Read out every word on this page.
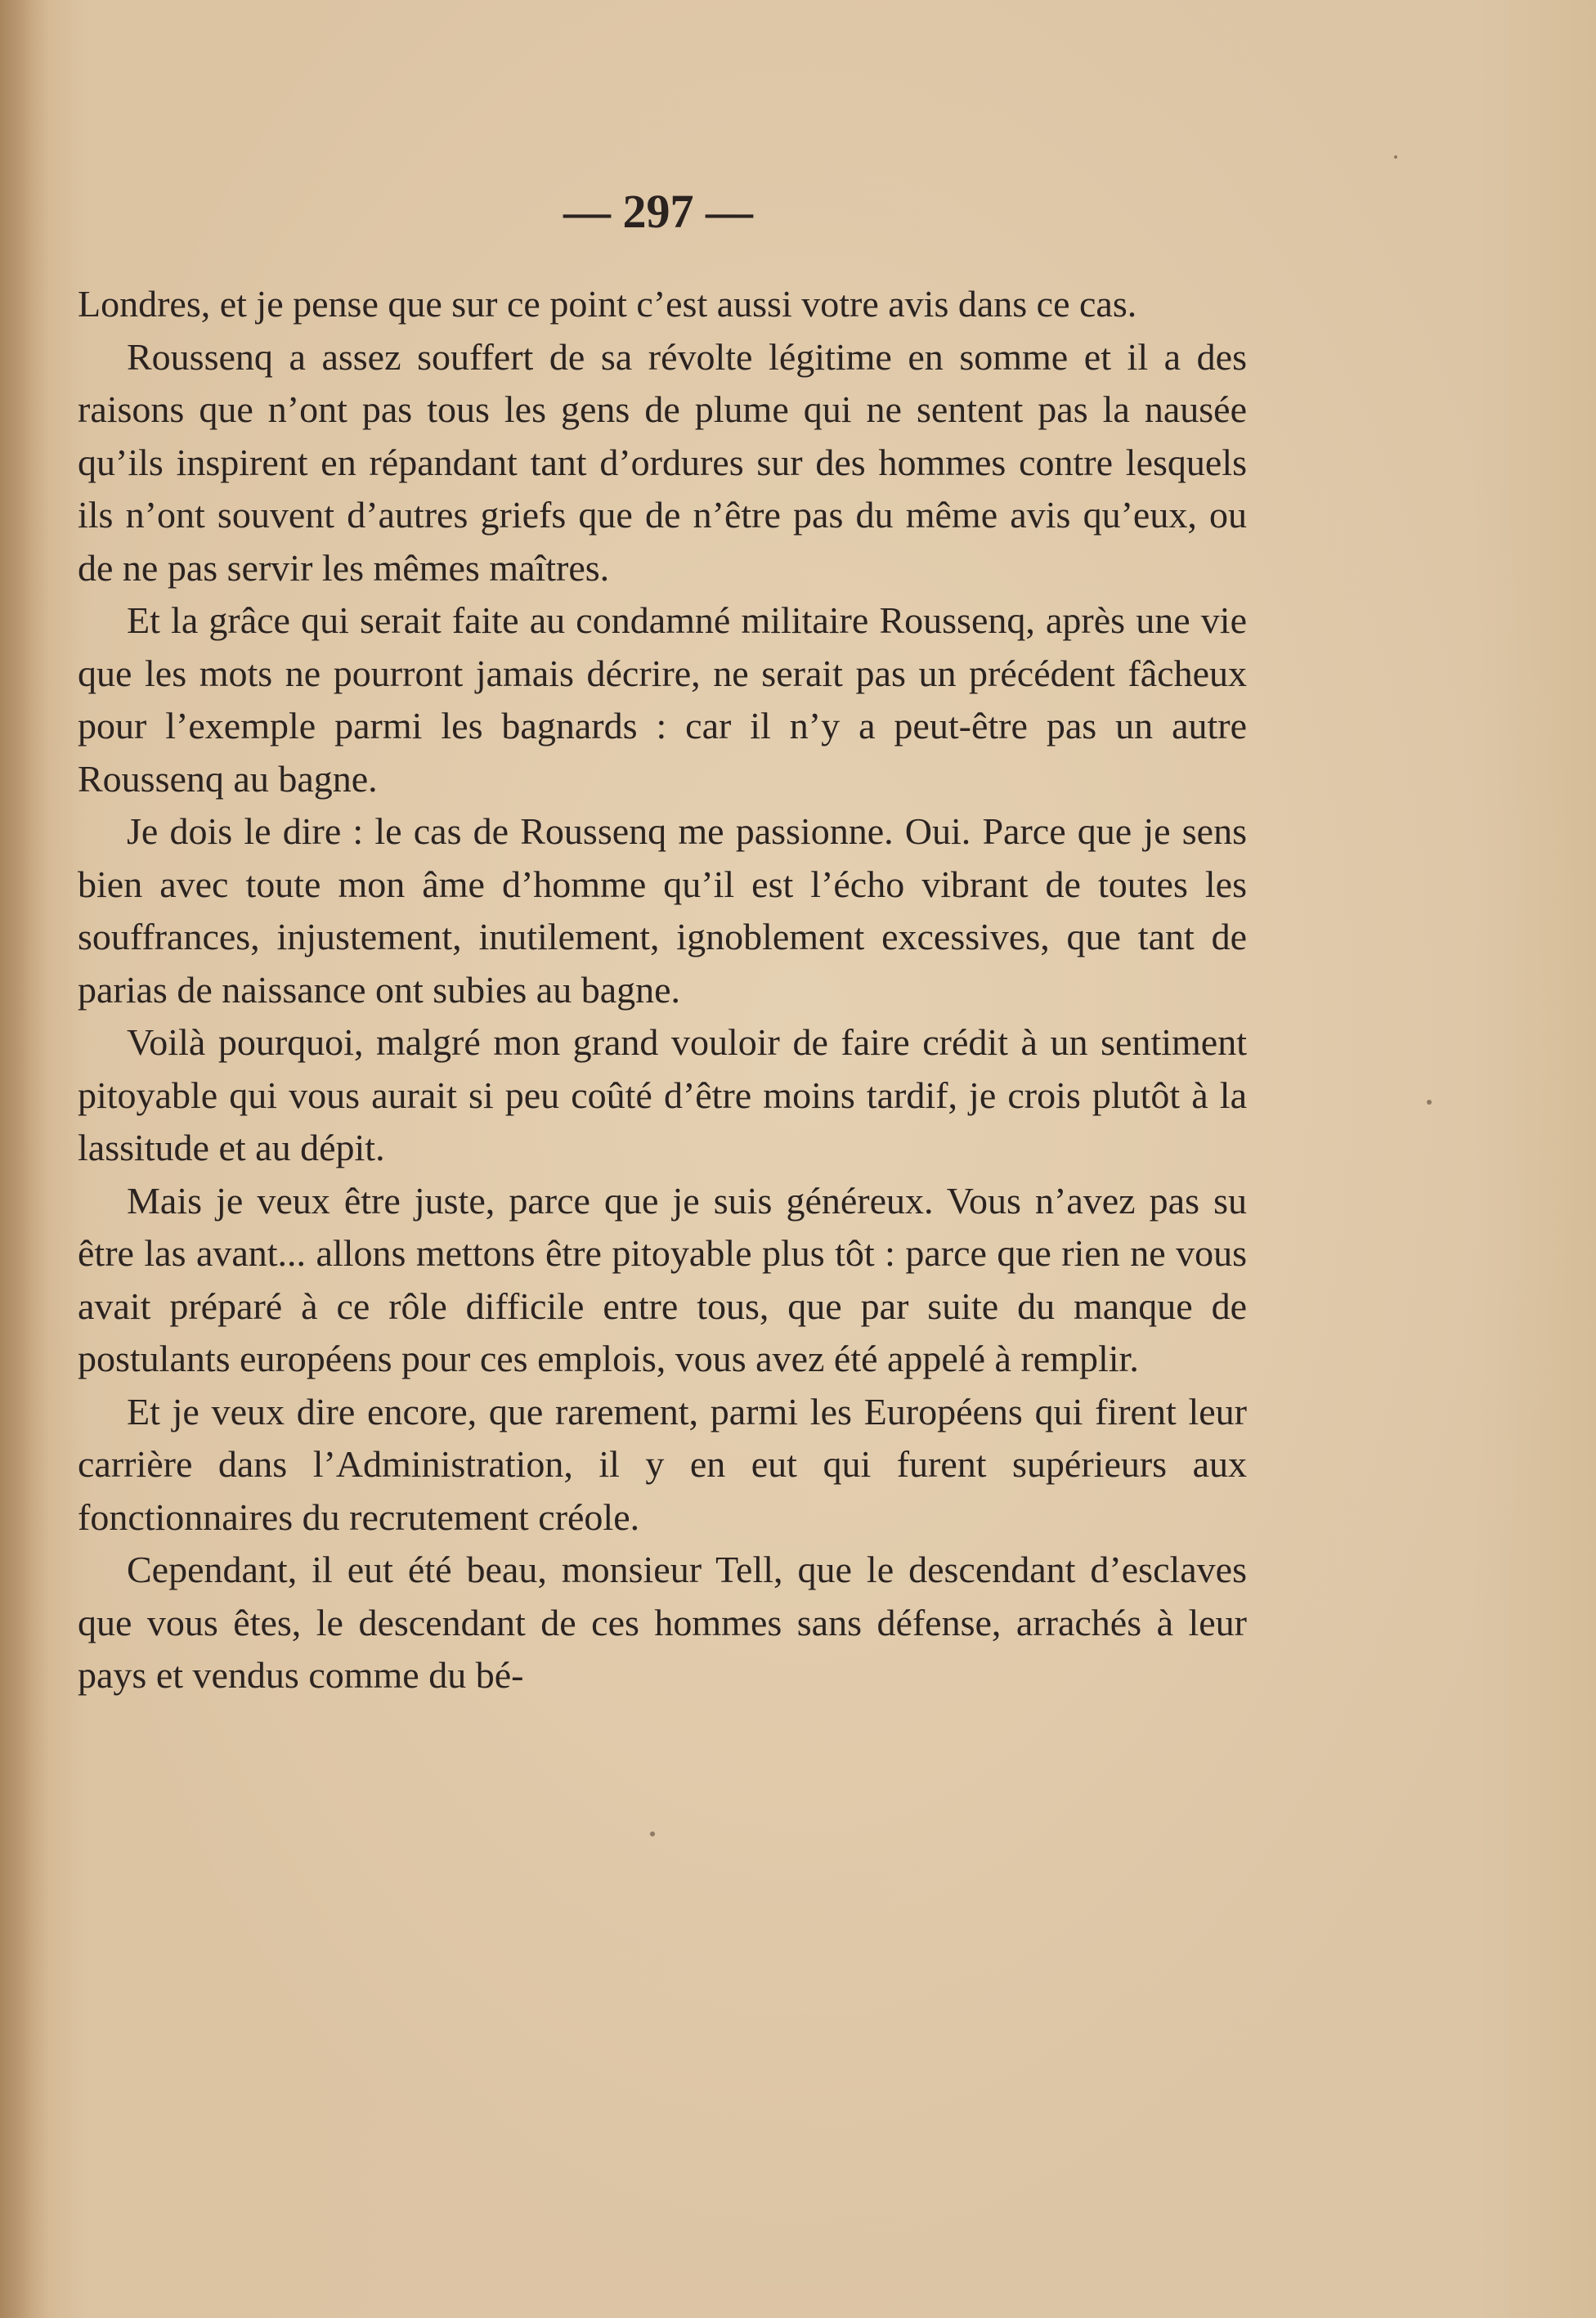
— 297 —

Londres, et je pense que sur ce point c’est aussi votre avis dans ce cas.

Roussenq a assez souffert de sa révolte légitime en somme et il a des raisons que n’ont pas tous les gens de plume qui ne sentent pas la nausée qu’ils inspirent en répandant tant d’ordures sur des hommes contre lesquels ils n’ont souvent d’autres griefs que de n’être pas du même avis qu’eux, ou de ne pas servir les mêmes maîtres.

Et la grâce qui serait faite au condamné militaire Roussenq, après une vie que les mots ne pourront jamais décrire, ne serait pas un précédent fâcheux pour l’exemple parmi les bagnards : car il n’y a peut-être pas un autre Roussenq au bagne.

Je dois le dire : le cas de Roussenq me passionne. Oui. Parce que je sens bien avec toute mon âme d’homme qu’il est l’écho vibrant de toutes les souffrances, injustement, inutilement, ignoblement excessives, que tant de parias de naissance ont subies au bagne.

Voilà pourquoi, malgré mon grand vouloir de faire crédit à un sentiment pitoyable qui vous aurait si peu coûté d’être moins tardif, je crois plutôt à la lassitude et au dépit.

Mais je veux être juste, parce que je suis généreux. Vous n’avez pas su être las avant... allons mettons être pitoyable plus tôt : parce que rien ne vous avait préparé à ce rôle difficile entre tous, que par suite du manque de postulants européens pour ces emplois, vous avez été appelé à remplir.

Et je veux dire encore, que rarement, parmi les Européens qui firent leur carrière dans l’Administration, il y en eut qui furent supérieurs aux fonctionnaires du recrutement créole.

Cependant, il eut été beau, monsieur Tell, que le descendant d’esclaves que vous êtes, le descendant de ces hommes sans défense, arrachés à leur pays et vendus comme du bé-
